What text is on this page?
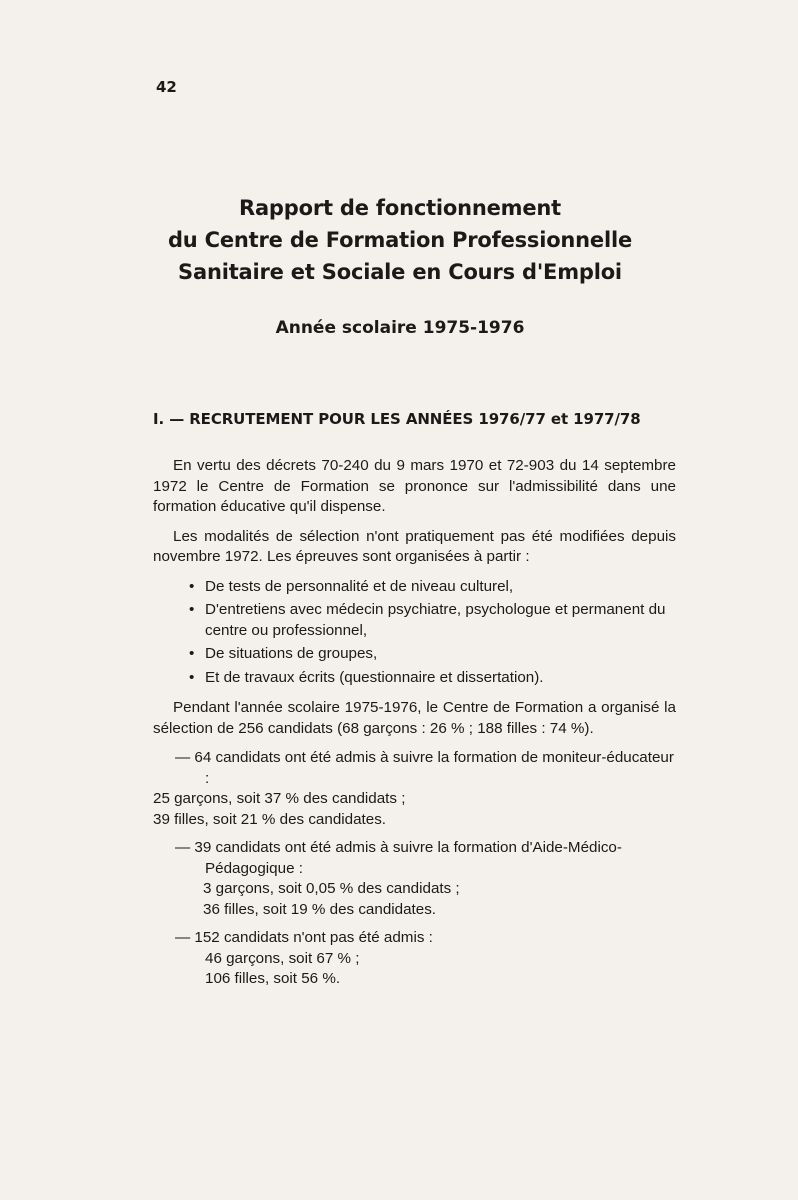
42
Rapport de fonctionnement
du Centre de Formation Professionnelle
Sanitaire et Sociale en Cours d'Emploi
Année scolaire 1975-1976
I. — RECRUTEMENT POUR LES ANNÉES 1976/77 et 1977/78

En vertu des décrets 70-240 du 9 mars 1970 et 72-903 du 14 septembre 1972 le Centre de Formation se prononce sur l'admissibilité dans une formation éducative qu'il dispense.

Les modalités de sélection n'ont pratiquement pas été modifiées depuis novembre 1972. Les épreuves sont organisées à partir :

• De tests de personnalité et de niveau culturel,
• D'entretiens avec médecin psychiatre, psychologue et permanent du centre ou professionnel,
• De situations de groupes,
• Et de travaux écrits (questionnaire et dissertation).

Pendant l'année scolaire 1975-1976, le Centre de Formation a organisé la sélection de 256 candidats (68 garçons : 26 % ; 188 filles : 74 %).

— 64 candidats ont été admis à suivre la formation de moniteur-éducateur :
25 garçons, soit 37 % des candidats ;
39 filles, soit 21 % des candidates.
— 39 candidats ont été admis à suivre la formation d'Aide-Médico-Pédagogique :
3 garçons, soit 0,05 % des candidats ;
36 filles, soit 19 % des candidates.
— 152 candidats n'ont pas été admis :
46 garçons, soit 67 % ;
106 filles, soit 56 %.
